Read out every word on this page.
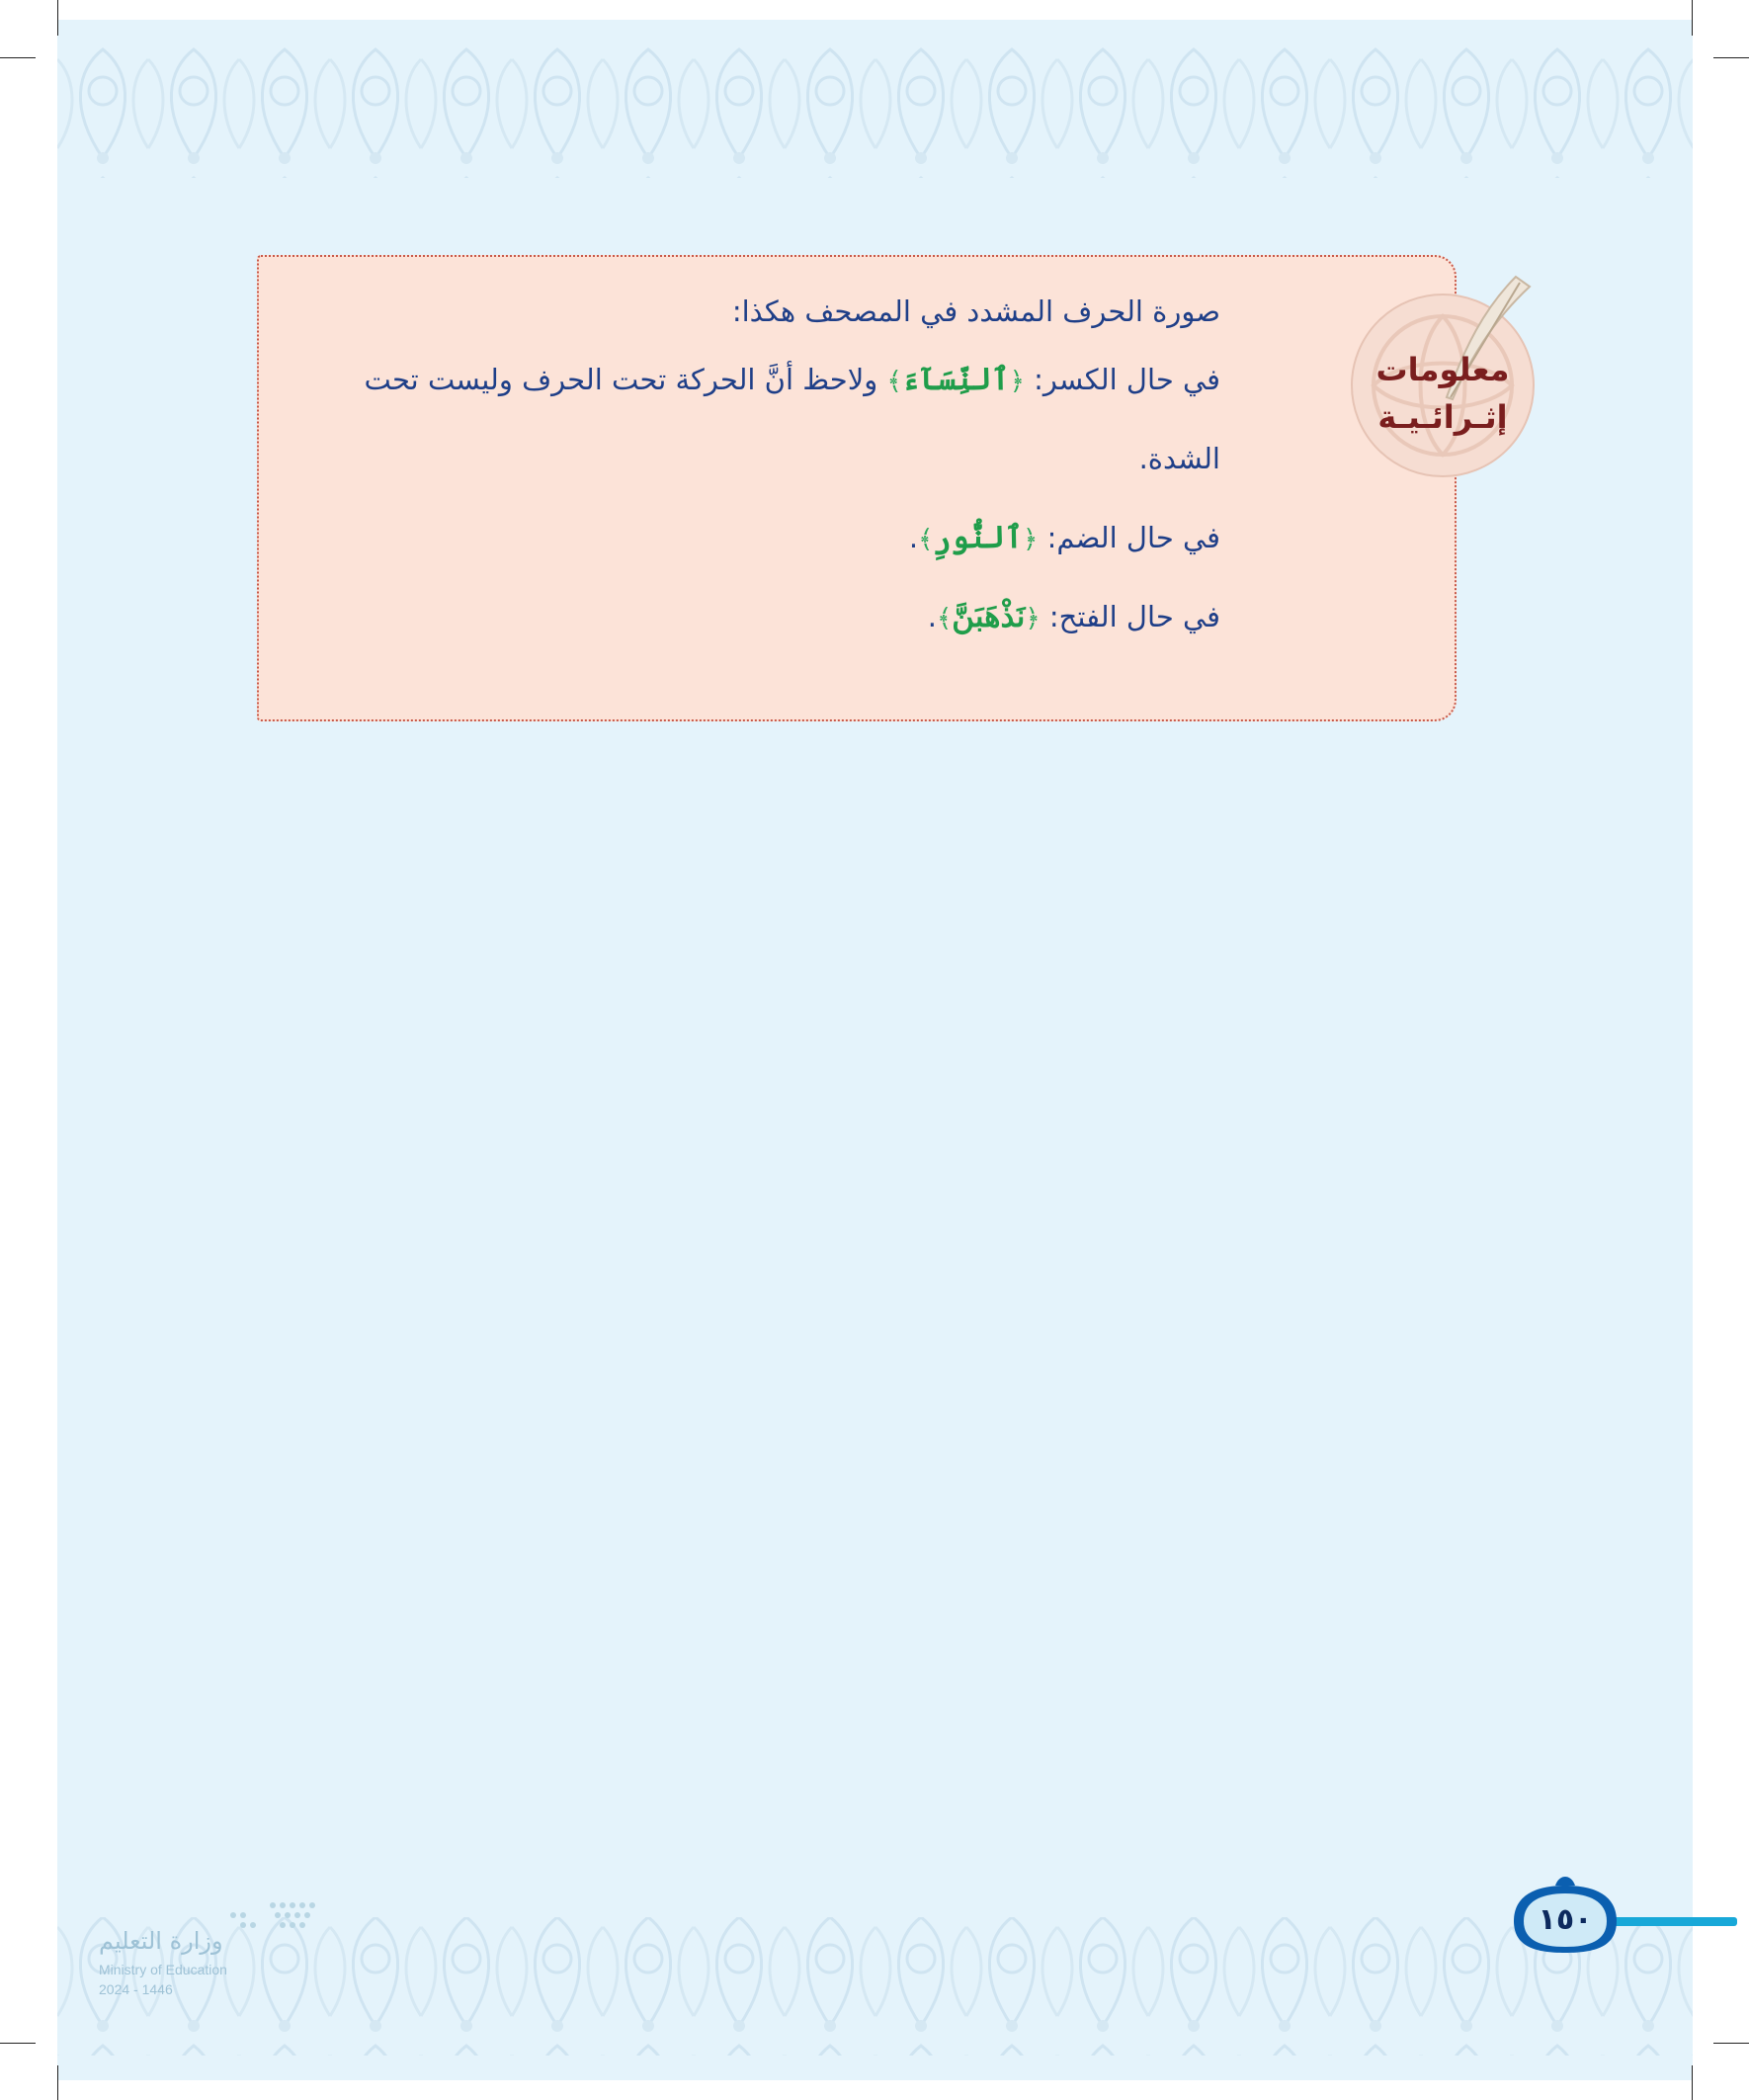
صورة الحرف المشدد في المصحف هكذا:
في حال الكسر: ﴿ٱلنِّسَآءَ﴾ ولاحظ أنَّ الحركة تحت الحرف وليست تحت
الشدة.
في حال الضم: ﴿ٱلنُّورِ﴾.
في حال الفتح: ﴿نَذْهَبَنَّ﴾.
معلومات
إثـرائـيـة
١٥٠
وزارة التعليم
Ministry of Education
2024 - 1446
